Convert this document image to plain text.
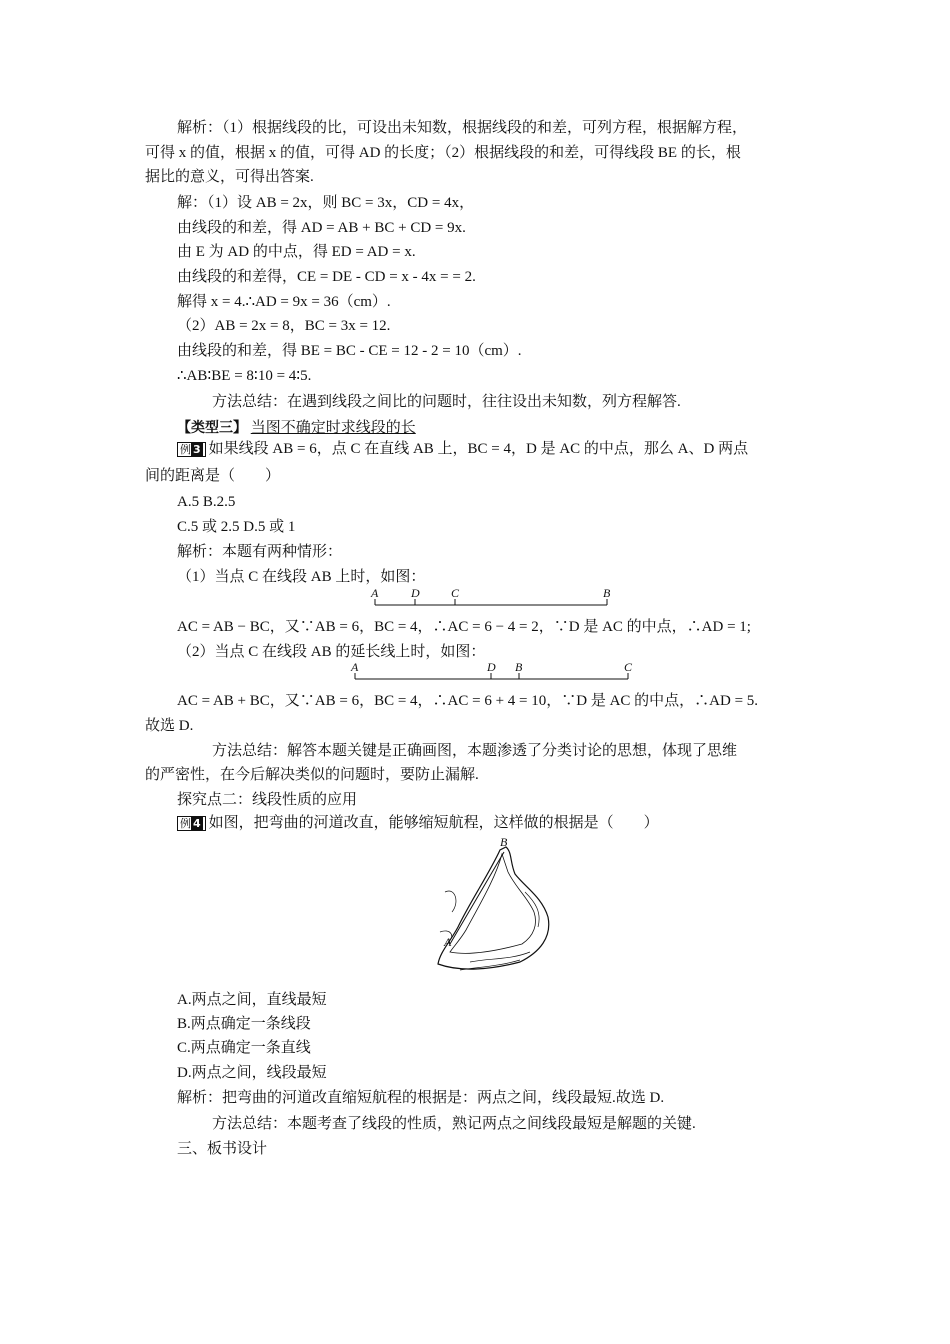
解析：（1）根据线段的比，可设出未知数，根据线段的和差，可列方程，根据解方程，
可得 x 的值，根据 x 的值，可得 AD 的长度；（2）根据线段的和差，可得线段 BE 的长，根
据比的意义，可得出答案.
解：（1）设 AB = 2x，则 BC = 3x，CD = 4x，
由线段的和差，得 AD = AB + BC + CD = 9x.
由 E 为 AD 的中点，得 ED = AD = x.
由线段的和差得，CE = DE - CD = x - 4x = = 2.
解得 x = 4.∴AD = 9x = 36（cm）.
（2）AB = 2x = 8，BC = 3x = 12.
由线段的和差，得 BE = BC - CE = 12 - 2 = 10（cm）.
∴AB∶BE = 8∶10 = 4∶5.
方法总结：在遇到线段之间比的问题时，往往设出未知数，列方程解答.
【类型三】 当图不确定时求线段的长
例 3 如果线段 AB = 6，点 C 在直线 AB 上，BC = 4，D 是 AC 的中点，那么 A、D 两点
间的距离是（　　）
A.5 B.2.5
C.5 或 2.5 D.5 或 1
解析：本题有两种情形：
（1）当点 C 在线段 AB 上时，如图：
A	D	C	B
AC = AB − BC，又∵AB = 6，BC = 4，∴AC = 6 − 4 = 2，∵D 是 AC 的中点，∴AD = 1;
（2）当点 C 在线段 AB 的延长线上时，如图：
A	D B	C
AC = AB + BC，又∵AB = 6，BC = 4，∴AC = 6 + 4 = 10，∵D 是 AC 的中点，∴AD = 5.
故选 D.
方法总结：解答本题关键是正确画图，本题渗透了分类讨论的思想，体现了思维
的严密性，在今后解决类似的问题时，要防止漏解.
探究点二：线段性质的应用
例 4 如图，把弯曲的河道改直，能够缩短航程，这样做的根据是（　　）
B
A
A.两点之间，直线最短
B.两点确定一条线段
C.两点确定一条直线
D.两点之间，线段最短
解析：把弯曲的河道改直缩短航程的根据是：两点之间，线段最短.故选 D.
方法总结：本题考查了线段的性质，熟记两点之间线段最短是解题的关键.
三、板书设计
